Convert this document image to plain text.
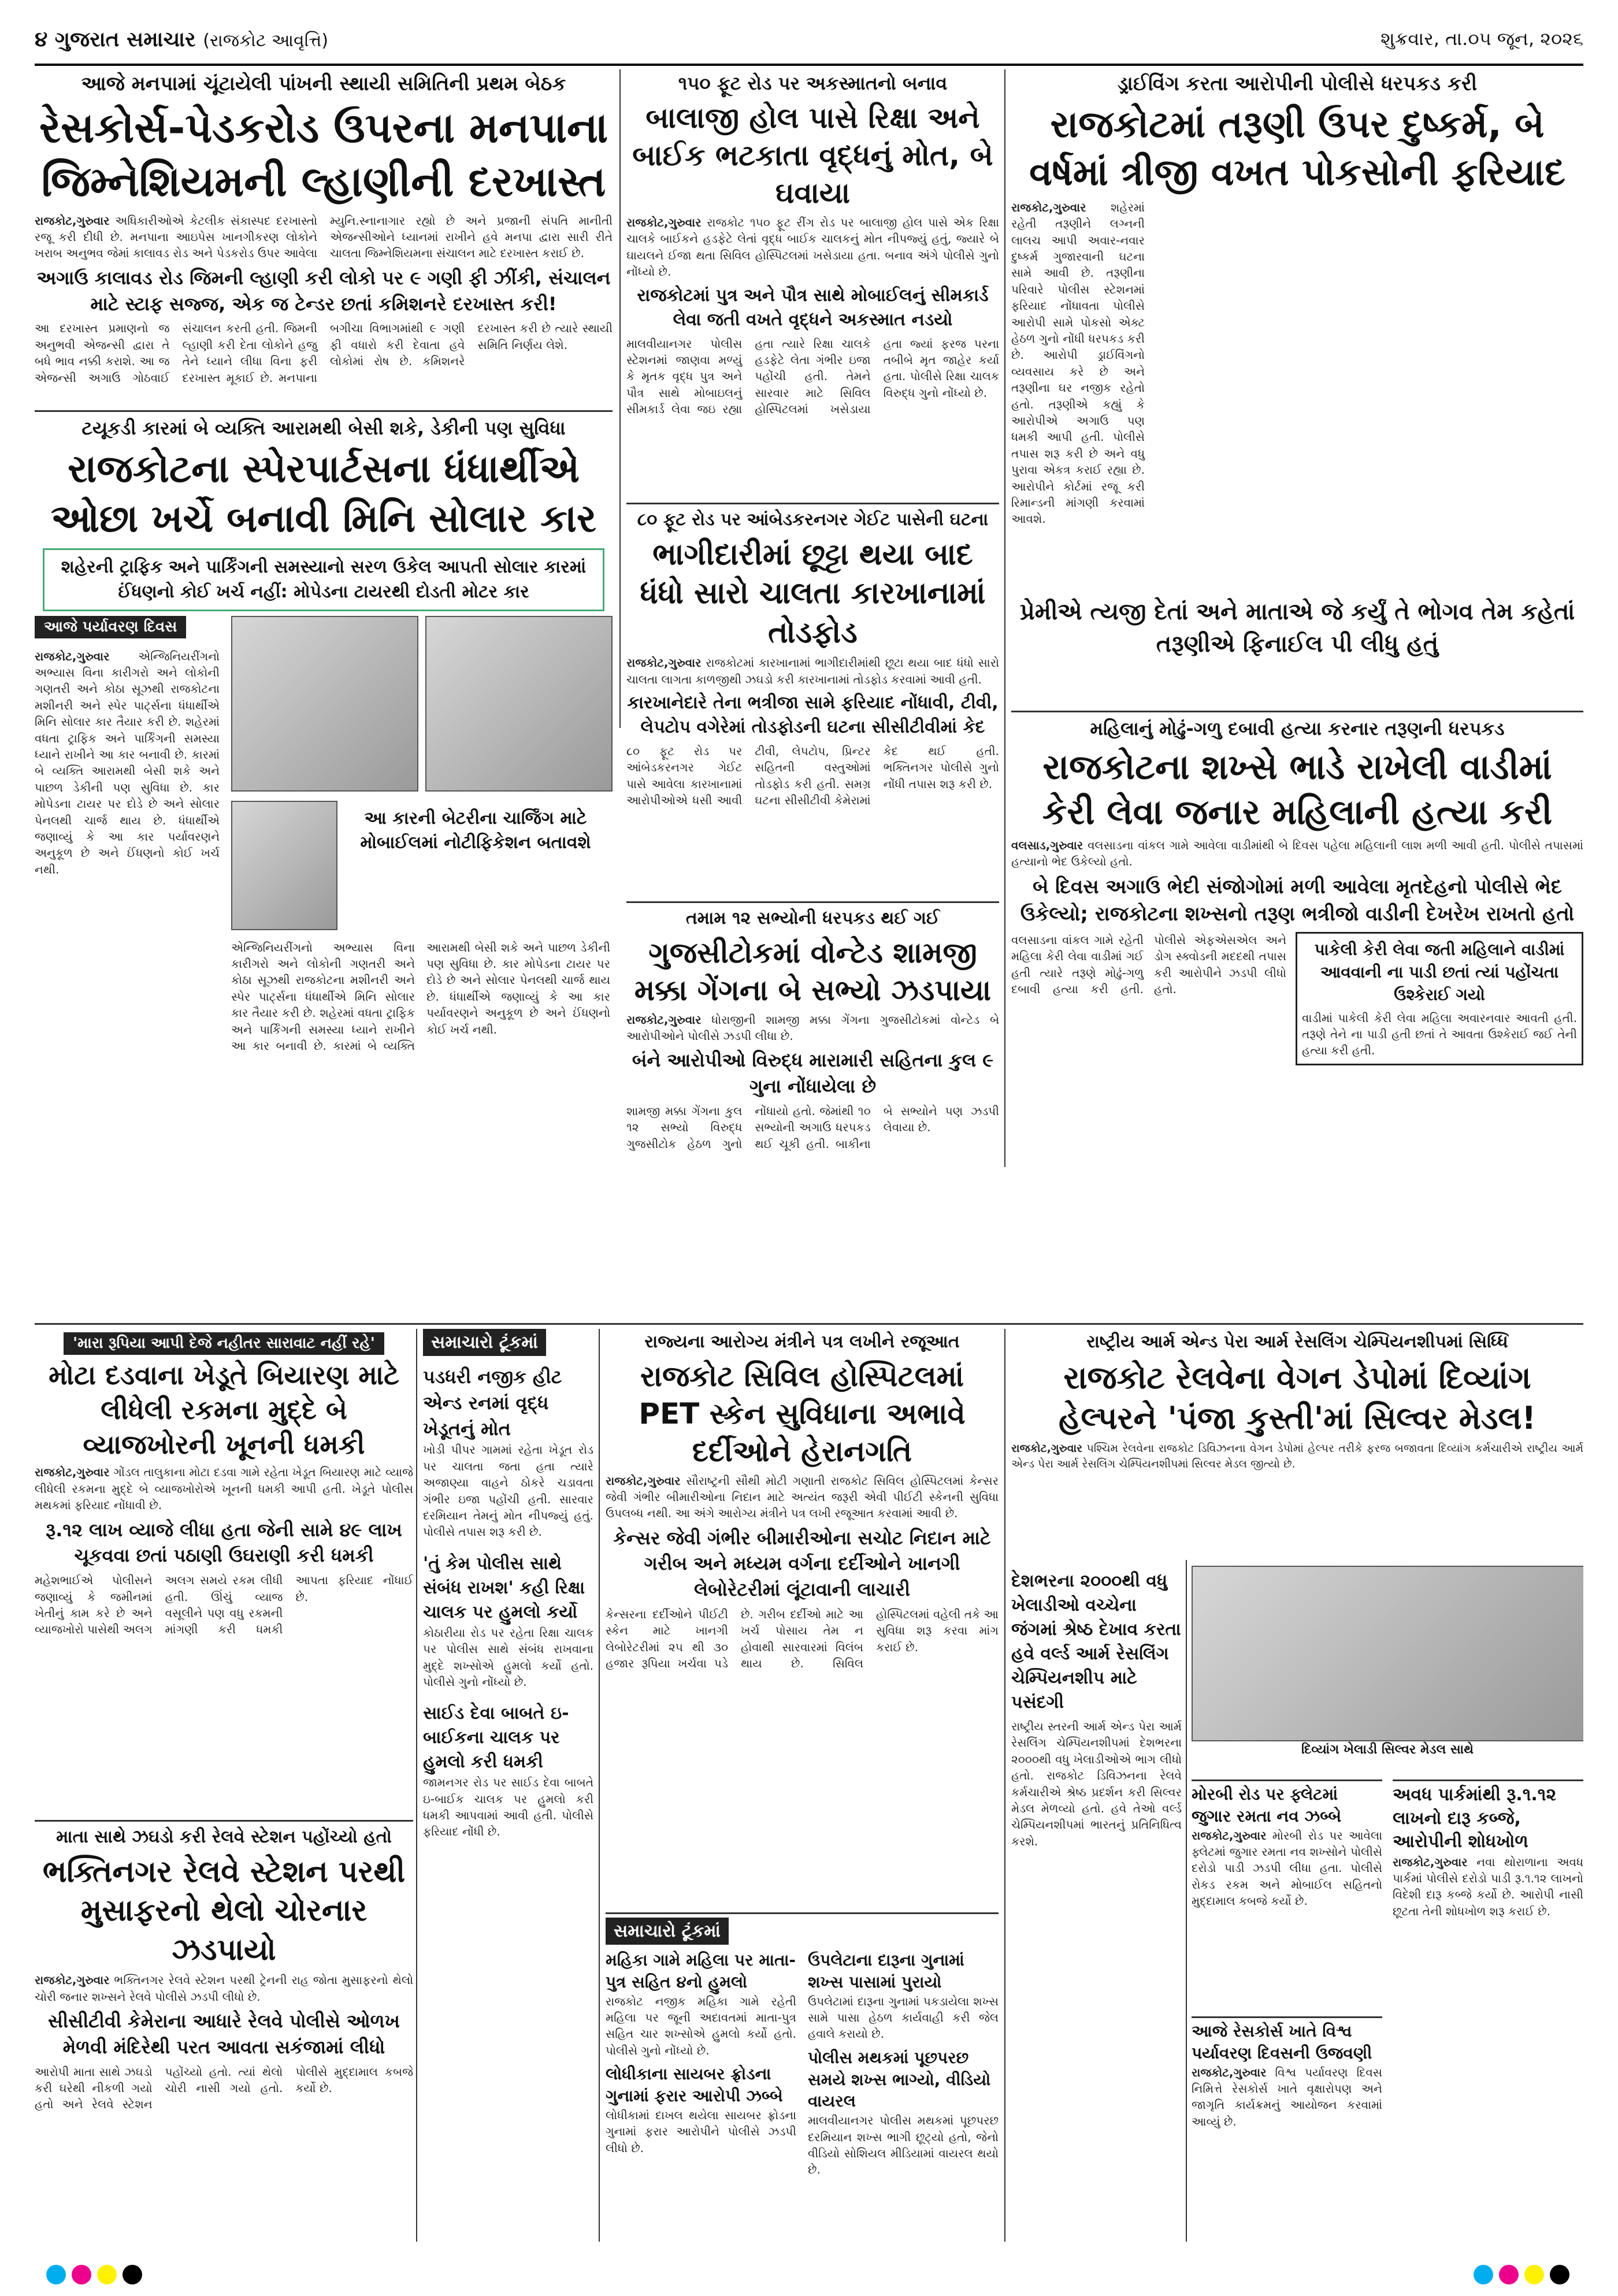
૪ ગુજરાત સમાચાર (રાજકોટ આવૃત્તિ)	શુક્રવાર, તા.૦૫ જૂન, ૨૦૨૬
આજે મનપામાં ચૂંટાયેલી પાંખની સ્થાયી સમિતિની પ્રથમ બેઠક
રેસકોર્સ-પેડકરોડ ઉપરના મનપાના
જિમ્નેશિયમની લ્હાણીની દરખાસ્ત
રાજકોટ,ગુરુવાર અધિકારીઓએ કેટલીક સંકાસ્પદ દરખાસ્તો રજૂ કરી દીધી છે. મનપાના આઇપેસ ખાનગીકરણ લોકોને ખરાબ અનુભવ જેમાં કાલાવડ રોડ અને પેડકરોડ ઉપર આવેલા મ્યુનિ.સ્નાનાગાર રહ્યો છે અને પ્રજાની સંપતિ માનીતી એજન્સીઓને ધ્યાનમાં રાખીને હવે મનપા દ્વારા સારી રીતે ચાલતા જિમ્નેશિયમના સંચાલન માટે દરખાસ્ત કરાઈ છે.
અગાઉ કાલાવડ રોડ જિમની લ્હાણી કરી લોકો પર ૯ ગણી ફી ઝીંકી, સંચાલન માટે સ્ટાફ સજ્જ, એક જ ટેન્ડર છતાં કમિશનરે દરખાસ્ત કરી!
આ દરખાસ્ત પ્રમાણનો જ અનુભવી એજન્સી દ્વારા તે બધે ભાવ નક્કી કરાશે. આ જ એજન્સી અગાઉ ગોઠવાઈ સંચાલન કરતી હતી. જિમની લ્હાણી કરી દેતા લોકોને હજુ તેને ધ્યાને લીધા વિના ફરી દરખાસ્ત મૂકાઈ છે. મનપાના બગીચા વિભાગમાંથી ૯ ગણી ફી વધારો કરી દેવાતા હવે લોકોમાં રોષ છે. કમિશનરે દરખાસ્ત કરી છે ત્યારે સ્થાયી સમિતિ નિર્ણય લેશે.
ટયૂકડી કારમાં બે વ્યક્તિ આરામથી બેસી શકે, ડેકીની પણ સુવિધા
રાજકોટના સ્પેરપાર્ટસના ધંધાર્થીએ ઓછા ખર્ચે બનાવી મિનિ સોલાર કાર
શહેરની ટ્રાફિક અને પાર્કિંગની સમસ્યાનો સરળ ઉકેલ આપતી સોલાર કારમાં ઈંધણનો કોઈ ખર્ચ નહીં: મોપેડના ટાયરથી દોડતી મોટર કાર
આજે પર્યાવરણ દિવસ
રાજકોટ,ગુરુવાર એન્જિનિયરીંગનો અભ્યાસ વિના કારીગરો અને લોકોની ગણતરી અને કોઠા સૂઝથી રાજકોટના મશીનરી અને સ્પેર પાર્ટ્સના ધંધાર્થીએ મિનિ સોલાર કાર તૈયાર કરી છે. શહેરમાં વધતા ટ્રાફિક અને પાર્કિંગની સમસ્યા ધ્યાને રાખીને આ કાર બનાવી છે. કારમાં બે વ્યક્તિ આરામથી બેસી શકે અને પાછળ ડેકીની પણ સુવિધા છે. કાર મોપેડના ટાયર પર દોડે છે અને સોલાર પેનલથી ચાર્જ થાય છે. ધંધાર્થીએ જણાવ્યું કે આ કાર પર્યાવરણને અનુકૂળ છે અને ઈંધણનો કોઈ ખર્ચ નથી.
આ કારની બેટરીના ચાર્જિંગ માટે મોબાઈલમાં નોટીફિકેશન બતાવશે
એન્જિનિયરીંગનો અભ્યાસ વિના કારીગરો અને લોકોની ગણતરી અને કોઠા સૂઝથી રાજકોટના મશીનરી અને સ્પેર પાર્ટ્સના ધંધાર્થીએ મિનિ સોલાર કાર તૈયાર કરી છે. શહેરમાં વધતા ટ્રાફિક અને પાર્કિંગની સમસ્યા ધ્યાને રાખીને આ કાર બનાવી છે. કારમાં બે વ્યક્તિ આરામથી બેસી શકે અને પાછળ ડેકીની પણ સુવિધા છે. કાર મોપેડના ટાયર પર દોડે છે અને સોલાર પેનલથી ચાર્જ થાય છે. ધંધાર્થીએ જણાવ્યું કે આ કાર પર્યાવરણને અનુકૂળ છે અને ઈંધણનો કોઈ ખર્ચ નથી.
૧૫૦ ફૂટ રોડ પર અકસ્માતનો બનાવ
બાલાજી હોલ પાસે રિક્ષા અને બાઈક ભટકાતા વૃદ્ધનું મોત, બે ઘવાયા
રાજકોટ,ગુરુવાર રાજકોટ ૧૫૦ ફૂટ રીંગ રોડ પર બાલાજી હોલ પાસે એક રિક્ષા ચાલકે બાઈકને હડફેટે લેતાં વૃદ્ધ બાઈક ચાલકનું મોત નીપજ્યું હતું, જ્યારે બે ઘાયલને ઈજા થતા સિવિલ હોસ્પિટલમાં ખસેડાયા હતા. બનાવ અંગે પોલીસે ગુનો નોંધ્યો છે.
રાજકોટમાં પુત્ર અને પૌત્ર સાથે મોબાઈલનું સીમકાર્ડ લેવા જતી વખતે વૃદ્ધને અકસ્માત નડયો
માલવીયાનગર પોલીસ સ્ટેશનમાં જાણવા મળ્યું કે મૃતક વૃદ્ધ પુત્ર અને પૌત્ર સાથે મોબાઇલનું સીમકાર્ડ લેવા જઇ રહ્યા હતા ત્યારે રિક્ષા ચાલકે હડફેટે લેતા ગંભીર ઇજા પહોંચી હતી. તેમને સારવાર માટે સિવિલ હોસ્પિટલમાં ખસેડાયા હતા જ્યાં ફરજ પરના તબીબે મૃત જાહેર કર્યા હતા. પોલીસે રિક્ષા ચાલક વિરુદ્ધ ગુનો નોંધ્યો છે.
૮૦ ફૂટ રોડ પર આંબેડકરનગર ગેઈટ પાસેની ઘટના
ભાગીદારીમાં છૂટ્ટા થયા બાદ ધંધો સારો ચાલતા કારખાનામાં તોડફોડ
રાજકોટ,ગુરુવાર રાજકોટમાં કારખાનામાં ભાગીદારીમાંથી છૂટા થયા બાદ ધંધો સારો ચાલતા લાગતા કાળજીથી ઝઘડો કરી કારખાનામાં તોડફોડ કરવામાં આવી હતી.
કારખાનેદારે તેના ભત્રીજા સામે ફરિયાદ નોંધાવી, ટીવી, લેપટોપ વગેરેમાં તોડફોડની ઘટના સીસીટીવીમાં કેદ
૮૦ ફૂટ રોડ પર આંબેડકરનગર ગેઈટ પાસે આવેલા કારખાનામાં આરોપીઓએ ધસી આવી ટીવી, લેપટોપ, પ્રિન્ટર સહિતની વસ્તુઓમાં તોડફોડ કરી હતી. સમગ્ર ઘટના સીસીટીવી કેમેરામાં કેદ થઈ હતી. ભક્તિનગર પોલીસે ગુનો નોંધી તપાસ શરૂ કરી છે.
તમામ ૧૨ સભ્યોની ધરપકડ થઈ ગઈ
ગુજસીટોકમાં વોન્ટેડ શામજી મક્કા ગેંગના બે સભ્યો ઝડપાયા
રાજકોટ,ગુરુવાર ધોરાજીની શામજી મક્કા ગેંગના ગુજસીટોકમાં વોન્ટેડ બે આરોપીઓને પોલીસે ઝડપી લીધા છે.
બંને આરોપીઓ વિરુદ્ધ મારામારી સહિતના કુલ ૯ ગુના નોંધાયેલા છે
શામજી મક્કા ગેંગના કુલ ૧૨ સભ્યો વિરુદ્ધ ગુજસીટોક હેઠળ ગુનો નોંધાયો હતો. જેમાંથી ૧૦ સભ્યોની અગાઉ ધરપકડ થઈ ચૂકી હતી. બાકીના બે સભ્યોને પણ ઝડપી લેવાયા છે.
ડ્રાઈવિંગ કરતા આરોપીની પોલીસે ધરપકડ કરી
રાજકોટમાં તરૂણી ઉપર દુષ્કર્મ, બે વર્ષમાં ત્રીજી વખત પોકસોની ફરિયાદ
રાજકોટ,ગુરુવાર શહેરમાં રહેતી તરૂણીને લગ્નની લાલચ આપી અવાર-નવાર દુષ્કર્મ ગુજારવાની ઘટના સામે આવી છે. તરૂણીના પરિવારે પોલીસ સ્ટેશનમાં ફરિયાદ નોંધાવતા પોલીસે આરોપી સામે પોકસો એક્ટ હેઠળ ગુનો નોંધી ધરપકડ કરી છે. આરોપી ડ્રાઈવિંગનો વ્યવસાય કરે છે અને તરૂણીના ઘર નજીક રહેતો હતો. તરૂણીએ કહ્યું કે આરોપીએ અગાઉ પણ ધમકી આપી હતી. પોલીસે તપાસ શરૂ કરી છે અને વધુ પુરાવા એકત્ર કરાઈ રહ્યા છે. આરોપીને કોર્ટમાં રજૂ કરી રિમાન્ડની માંગણી કરવામાં આવશે.
પ્રેમીએ ત્યજી દેતાં અને માતાએ જે કર્યું તે ભોગવ તેમ કહેતાં તરૂણીએ ફિનાઈલ પી લીધુ હતું
મહિલાનું મોઢું-ગળુ દબાવી હત્યા કરનાર તરૂણની ધરપકડ
રાજકોટના શખ્સે ભાડે રાખેલી વાડીમાં કેરી લેવા જનાર મહિલાની હત્યા કરી
વલસાડ,ગુરુવાર વલસાડના વાંકલ ગામે આવેલા વાડીમાંથી બે દિવસ પહેલા મહિલાની લાશ મળી આવી હતી. પોલીસે તપાસમાં હત્યાનો ભેદ ઉકેલ્યો હતો.
બે દિવસ અગાઉ ભેદી સંજોગોમાં મળી આવેલા મૃતદેહનો પોલીસે ભેદ ઉકેલ્યો; રાજકોટના શખ્સનો તરૂણ ભત્રીજો વાડીની દેખરેખ રાખતો હતો
વલસાડના વાંકલ ગામે રહેતી મહિલા કેરી લેવા વાડીમાં ગઈ હતી ત્યારે તરૂણે મોઢું-ગળુ દબાવી હત્યા કરી હતી. પોલીસે એફએસએલ અને ડોગ સ્ક્વોડની મદદથી તપાસ કરી આરોપીને ઝડપી લીધો હતો.
પાકેલી કેરી લેવા જતી મહિલાને વાડીમાં આવવાની ના પાડી છતાં ત્યાં પહોંચતા ઉશ્કેરાઈ ગયો
વાડીમાં પાકેલી કેરી લેવા મહિલા અવારનવાર આવતી હતી. તરૂણે તેને ના પાડી હતી છતાં તે આવતા ઉશ્કેરાઈ જઈ તેની હત્યા કરી હતી.
'મારા રૂપિયા આપી દેજે નહીતર સારાવાટ નહીં રહે'
મોટા દડવાના ખેડૂતે બિયારણ માટે લીધેલી રકમના મુદ્દે બે વ્યાજખોરની ખૂનની ધમકી
રાજકોટ,ગુરુવાર ગોંડલ તાલુકાના મોટા દડવા ગામે રહેતા ખેડૂત બિયારણ માટે વ્યાજે લીધેલી રકમના મુદ્દે બે વ્યાજખોરોએ ખૂનની ધમકી આપી હતી. ખેડૂતે પોલીસ મથકમાં ફરિયાદ નોંધાવી છે.
રૂ.૧૨ લાખ વ્યાજે લીધા હતા જેની સામે ૪૯ લાખ ચૂકવવા છતાં પઠાણી ઉઘરાણી કરી ધમકી
મહેશભાઈએ પોલીસને જણાવ્યું કે જમીનમાં ખેતીનું કામ કરે છે અને વ્યાજખોરો પાસેથી અલગ અલગ સમયે રકમ લીધી હતી. ઊંચું વ્યાજ વસૂલીને પણ વધુ રકમની માંગણી કરી ધમકી આપતા ફરિયાદ નોંધાઈ છે.
માતા સાથે ઝઘડો કરી રેલવે સ્ટેશન પહોંચ્યો હતો
ભક્તિનગર રેલવે સ્ટેશન પરથી મુસાફરનો થેલો ચોરનાર ઝડપાયો
રાજકોટ,ગુરુવાર ભક્તિનગર રેલવે સ્ટેશન પરથી ટ્રેનની રાહ જોતા મુસાફરનો થેલો ચોરી જનાર શખ્સને રેલવે પોલીસે ઝડપી લીધો છે.
સીસીટીવી કેમેરાના આધારે રેલવે પોલીસે ઓળખ મેળવી મંદિરેથી પરત આવતા સકંજામાં લીધો
આરોપી માતા સાથે ઝઘડો કરી ઘરેથી નીકળી ગયો હતો અને રેલવે સ્ટેશન પહોંચ્યો હતો. ત્યાં થેલો ચોરી નાસી ગયો હતો. પોલીસે મુદ્દામાલ કબજે કર્યો છે.
સમાચારો ટૂંકમાં
પડધરી નજીક હીટ એન્ડ રનમાં વૃદ્ધ ખેડૂતનું મોત
ખોડી પીપર ગામમાં રહેતા ખેડૂત રોડ પર ચાલતા જતા હતા ત્યારે અજાણ્યા વાહને ઠોકરે ચડાવતા ગંભીર ઇજા પહોંચી હતી. સારવાર દરમિયાન તેમનું મોત નીપજ્યું હતું. પોલીસે તપાસ શરૂ કરી છે.
'તું કેમ પોલીસ સાથે સંબંધ રાખશ' કહી રિક્ષા ચાલક પર હુમલો કર્યો
કોઠારીયા રોડ પર રહેતા રિક્ષા ચાલક પર પોલીસ સાથે સંબંધ રાખવાના મુદ્દે શખ્સોએ હુમલો કર્યો હતો. પોલીસે ગુનો નોંધ્યો છે.
સાઈડ દેવા બાબતે ઇ-બાઈકના ચાલક પર હુમલો કરી ધમકી
જામનગર રોડ પર સાઈડ દેવા બાબતે ઇ-બાઈક ચાલક પર હુમલો કરી ધમકી આપવામાં આવી હતી. પોલીસે ફરિયાદ નોંધી છે.
રાજ્યના આરોગ્ય મંત્રીને પત્ર લખીને રજૂઆત
રાજકોટ સિવિલ હોસ્પિટલમાં PET સ્કેન સુવિધાના અભાવે દર્દીઓને હેરાનગતિ
રાજકોટ,ગુરુવાર સૌરાષ્ટ્રની સૌથી મોટી ગણાતી રાજકોટ સિવિલ હોસ્પિટલમાં કેન્સર જેવી ગંભીર બીમારીઓના નિદાન માટે અત્યંત જરૂરી એવી પીઈટી સ્કેનની સુવિધા ઉપલબ્ધ નથી. આ અંગે આરોગ્ય મંત્રીને પત્ર લખી રજૂઆત કરવામાં આવી છે.
કેન્સર જેવી ગંભીર બીમારીઓના સચોટ નિદાન માટે ગરીબ અને મધ્યમ વર્ગના દર્દીઓને ખાનગી લેબોરેટરીમાં લૂંટાવાની લાચારી
કેન્સરના દર્દીઓને પીઈટી સ્કેન માટે ખાનગી લેબોરેટરીમાં ૨૫ થી ૩૦ હજાર રૂપિયા ખર્ચવા પડે છે. ગરીબ દર્દીઓ માટે આ ખર્ચ પોસાય તેમ ન હોવાથી સારવારમાં વિલંબ થાય છે. સિવિલ હોસ્પિટલમાં વહેલી તકે આ સુવિધા શરૂ કરવા માંગ કરાઈ છે.
સમાચારો ટૂંકમાં
મહિકા ગામે મહિલા પર માતા-પુત્ર સહિત ૪નો હુમલો
રાજકોટ નજીક મહિકા ગામે રહેતી મહિલા પર જૂની અદાવતમાં માતા-પુત્ર સહિત ચાર શખ્સોએ હુમલો કર્યો હતો. પોલીસે ગુનો નોંધ્યો છે.
લોધીકાના સાયબર ફ્રોડના ગુનામાં ફરાર આરોપી ઝબ્બે
લોધીકામાં દાખલ થયેલા સાયબર ફ્રોડના ગુનામાં ફરાર આરોપીને પોલીસે ઝડપી લીધો છે.
ઉપલેટાના દારૂના ગુનામાં શખ્સ પાસામાં પુરાયો
ઉપલેટામાં દારૂના ગુનામાં પકડાયેલા શખ્સ સામે પાસા હેઠળ કાર્યવાહી કરી જેલ હવાલે કરાયો છે.
પોલીસ મથકમાં પૂછપરછ સમયે શખ્સ ભાગ્યો, વીડિયો વાયરલ
માલવીયાનગર પોલીસ મથકમાં પૂછપરછ દરમિયાન શખ્સ ભાગી છૂટ્યો હતો, જેનો વીડિયો સોશિયલ મીડિયામાં વાયરલ થયો છે.
રાષ્ટ્રીય આર્મ એન્ડ પેરા આર્મ રેસલિંગ ચેમ્પિયનશીપમાં સિધ્ધિ
રાજકોટ રેલવેના વેગન ડેપોમાં દિવ્યાંગ હેલ્પરને 'પંજા કુસ્તી'માં સિલ્વર મેડલ!
રાજકોટ,ગુરુવાર પશ્ચિમ રેલવેના રાજકોટ ડિવિઝનના વેગન ડેપોમાં હેલ્પર તરીકે ફરજ બજાવતા દિવ્યાંગ કર્મચારીએ રાષ્ટ્રીય આર્મ એન્ડ પેરા આર્મ રેસલિંગ ચેમ્પિયનશીપમાં સિલ્વર મેડલ જીત્યો છે.
દેશભરના ૨૦૦૦થી વધુ ખેલાડીઓ વચ્ચેના જંગમાં શ્રેષ્ઠ દેખાવ કરતા હવે વર્લ્ડ આર્મ રેસલિંગ ચેમ્પિયનશીપ માટે પસંદગી
રાષ્ટ્રીય સ્તરની આર્મ એન્ડ પેરા આર્મ રેસલિંગ ચેમ્પિયનશીપમાં દેશભરના ૨૦૦૦થી વધુ ખેલાડીઓએ ભાગ લીધો હતો. રાજકોટ ડિવિઝનના રેલવે કર્મચારીએ શ્રેષ્ઠ પ્રદર્શન કરી સિલ્વર મેડલ મેળવ્યો હતો. હવે તેઓ વર્લ્ડ ચેમ્પિયનશીપમાં ભારતનું પ્રતિનિધિત્વ કરશે.
દિવ્યાંગ ખેલાડી સિલ્વર મેડલ સાથે
મોરબી રોડ પર ફ્લેટમાં જુગાર રમતા નવ ઝબ્બે
રાજકોટ,ગુરુવાર મોરબી રોડ પર આવેલા ફ્લેટમાં જુગાર રમતા નવ શખ્સોને પોલીસે દરોડો પાડી ઝડપી લીધા હતા. પોલીસે રોકડ રકમ અને મોબાઈલ સહિતનો મુદ્દામાલ કબજે કર્યો છે.
આજે રેસકોર્સ ખાતે વિશ્વ પર્યાવરણ દિવસની ઉજવણી
રાજકોટ,ગુરુવાર વિશ્વ પર્યાવરણ દિવસ નિમિત્તે રેસકોર્સ ખાતે વૃક્ષારોપણ અને જાગૃતિ કાર્યક્રમનું આયોજન કરવામાં આવ્યું છે.
અવધ પાર્કમાંથી રૂ.૧.૧૨ લાખનો દારૂ કબ્જે, આરોપીની શોધખોળ
રાજકોટ,ગુરુવાર નવા થોરાળાના અવધ પાર્કમાં પોલીસે દરોડો પાડી રૂ.૧.૧૨ લાખનો વિદેશી દારૂ કબ્જે કર્યો છે. આરોપી નાસી છૂટતા તેની શોધખોળ શરૂ કરાઈ છે.
